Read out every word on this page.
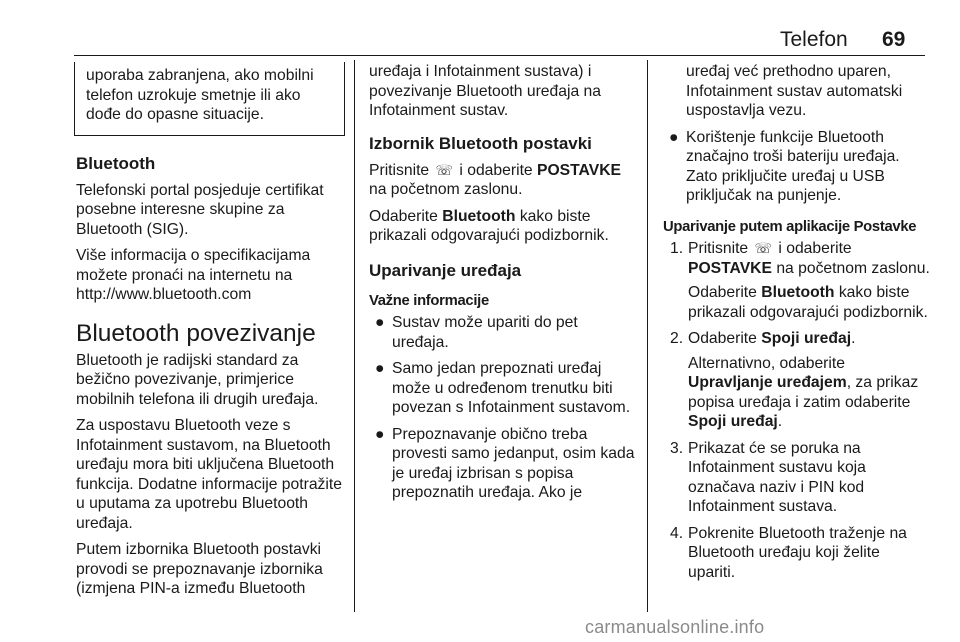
Telefon 69
uporaba zabranjena, ako mobilni telefon uzrokuje smetnje ili ako dođe do opasne situacije.
Bluetooth

Telefonski portal posjeduje certifikat posebne interesne skupine za Bluetooth (SIG).

Više informacija o specifikacijama možete pronaći na internetu na http://www.bluetooth.com

Bluetooth povezivanje

Bluetooth je radijski standard za bežično povezivanje, primjerice mobilnih telefona ili drugih uređaja.

Za uspostavu Bluetooth veze s Infotainment sustavom, na Bluetooth uređaju mora biti uključena Bluetooth funkcija. Dodatne informacije potražite u uputama za upotrebu Bluetooth uređaja.

Putem izbornika Bluetooth postavki provodi se prepoznavanje izbornika (izmjena PIN-a između Bluetooth

uređaja i Infotainment sustava) i povezivanje Bluetooth uređaja na Infotainment sustav.

Izbornik Bluetooth postavki

Pritisnite ☏ i odaberite POSTAVKE na početnom zaslonu.

Odaberite Bluetooth kako biste prikazali odgovarajući podizbornik.

Uparivanje uređaja
Važne informacije
● Sustav može upariti do pet uređaja.
● Samo jedan prepoznati uređaj može u određenom trenutku biti povezan s Infotainment sustavom.
● Prepoznavanje obično treba provesti samo jedanput, osim kada je uređaj izbrisan s popisa prepoznatih uređaja. Ako je

uređaj već prethodno uparen, Infotainment sustav automatski uspostavlja vezu.

● Korištenje funkcije Bluetooth značajno troši bateriju uređaja. Zato priključite uređaj u USB priključak na punjenje.
Uparivanje putem aplikacije Postavke
1. Pritisnite ☏ i odaberite POSTAVKE na početnom zaslonu.
Odaberite Bluetooth kako biste prikazali odgovarajući podizbornik.
2. Odaberite Spoji uređaj.
Alternativno, odaberite Upravljanje uređajem, za prikaz popisa uređaja i zatim odaberite Spoji uređaj.
3. Prikazat će se poruka na Infotainment sustavu koja označava naziv i PIN kod Infotainment sustava.
4. Pokrenite Bluetooth traženje na Bluetooth uređaju koji želite upariti.
carmanualsonline.info
